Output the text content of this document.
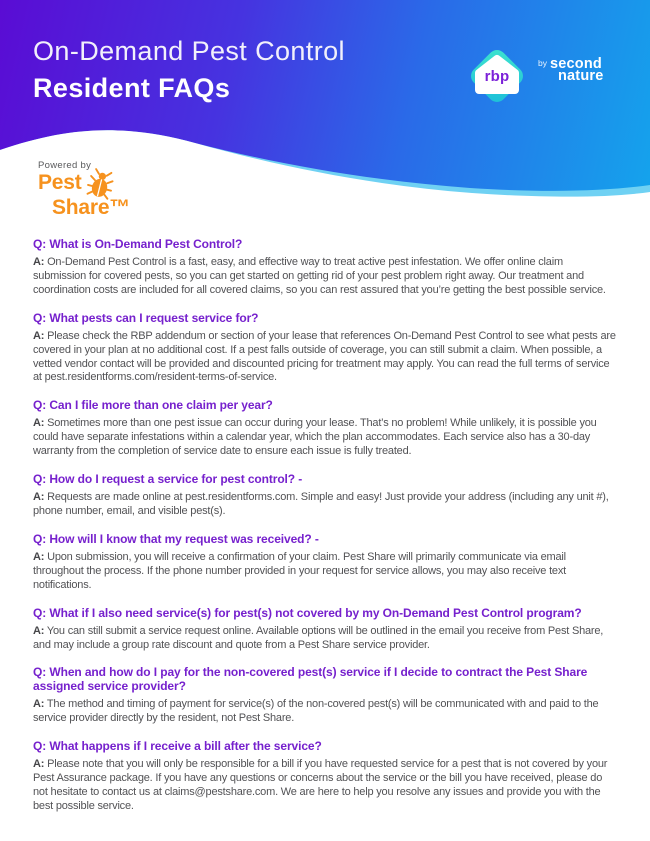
On-Demand Pest Control
Resident FAQs	rbp
$^{by}$ second
nature
Powered by
Pest
Share™
Q: What is On-Demand Pest Control?
A: On-Demand Pest Control is a fast, easy, and effective way to treat active pest infestation. We offer online claim submission for covered pests, so you can get started on getting rid of your pest problem right away. Our treatment and coordination costs are included for all covered claims, so you can rest assured that you’re getting the best possible service.
Q: What pests can I request service for?
A: Please check the RBP addendum or section of your lease that references On-Demand Pest Control to see what pests are covered in your plan at no additional cost. If a pest falls outside of coverage, you can still submit a claim. When possible, a vetted vendor contact will be provided and discounted pricing for treatment may apply. You can read the full terms of service at pest.residentforms.com/resident-terms-of-service.
Q: Can I file more than one claim per year?
A: Sometimes more than one pest issue can occur during your lease. That’s no problem! While unlikely, it is possible you could have separate infestations within a calendar year, which the plan accommodates. Each service also has a 30-day warranty from the completion of service date to ensure each issue is fully treated.
Q: How do I request a service for pest control? -
A: Requests are made online at pest.residentforms.com. Simple and easy! Just provide your address (including any unit #), phone number, email, and visible pest(s).
Q: How will I know that my request was received? -
A: Upon submission, you will receive a confirmation of your claim. Pest Share will primarily communicate via email throughout the process. If the phone number provided in your request for service allows, you may also receive text notifications.
Q: What if I also need service(s) for pest(s) not covered by my On-Demand Pest Control program?
A: You can still submit a service request online. Available options will be outlined in the email you receive from Pest Share, and may include a group rate discount and quote from a Pest Share service provider.
Q: When and how do I pay for the non-covered pest(s) service if I decide to contract the Pest Share assigned service provider?
A: The method and timing of payment for service(s) of the non-covered pest(s) will be communicated with and paid to the service provider directly by the resident, not Pest Share.
Q: What happens if I receive a bill after the service?
A: Please note that you will only be responsible for a bill if you have requested service for a pest that is not covered by your Pest Assurance package. If you have any questions or concerns about the service or the bill you have received, please do not hesitate to contact us at claims@pestshare.com. We are here to help you resolve any issues and provide you with the best possible service.
